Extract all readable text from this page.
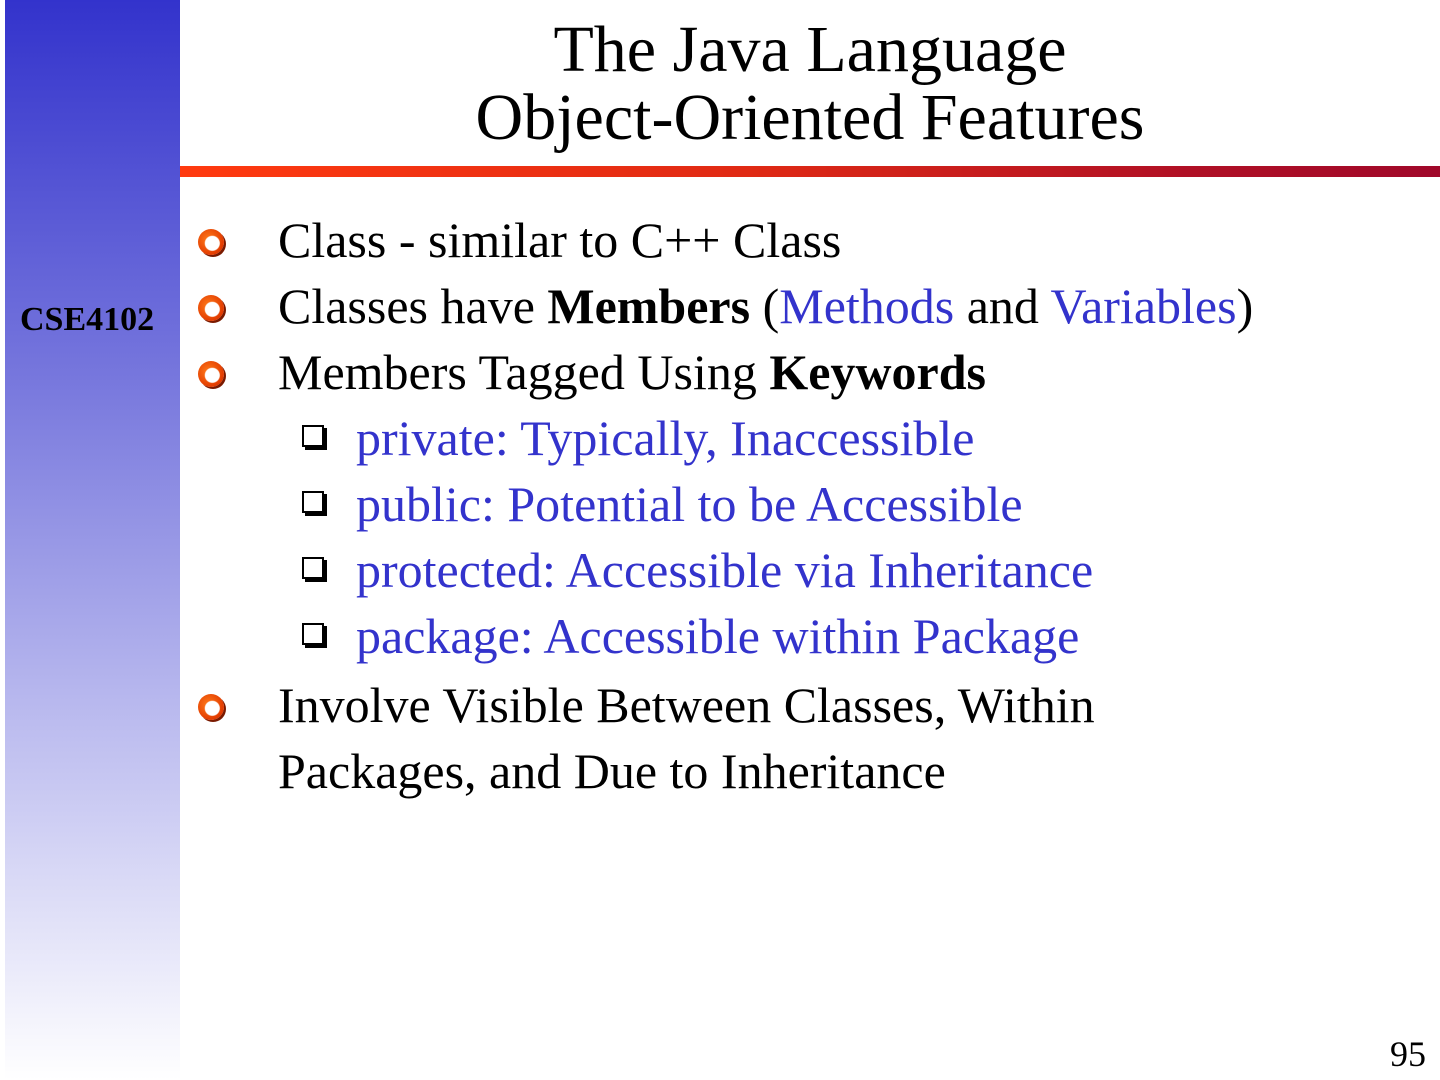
CSE4102
The Java Language
Object-Oriented Features
Class - similar to C++ Class
Classes have Members (Methods and Variables)
Members Tagged Using Keywords
private: Typically, Inaccessible
public: Potential to be Accessible
protected: Accessible via Inheritance
package: Accessible within Package
Involve Visible Between Classes, Within Packages, and Due to Inheritance
95
